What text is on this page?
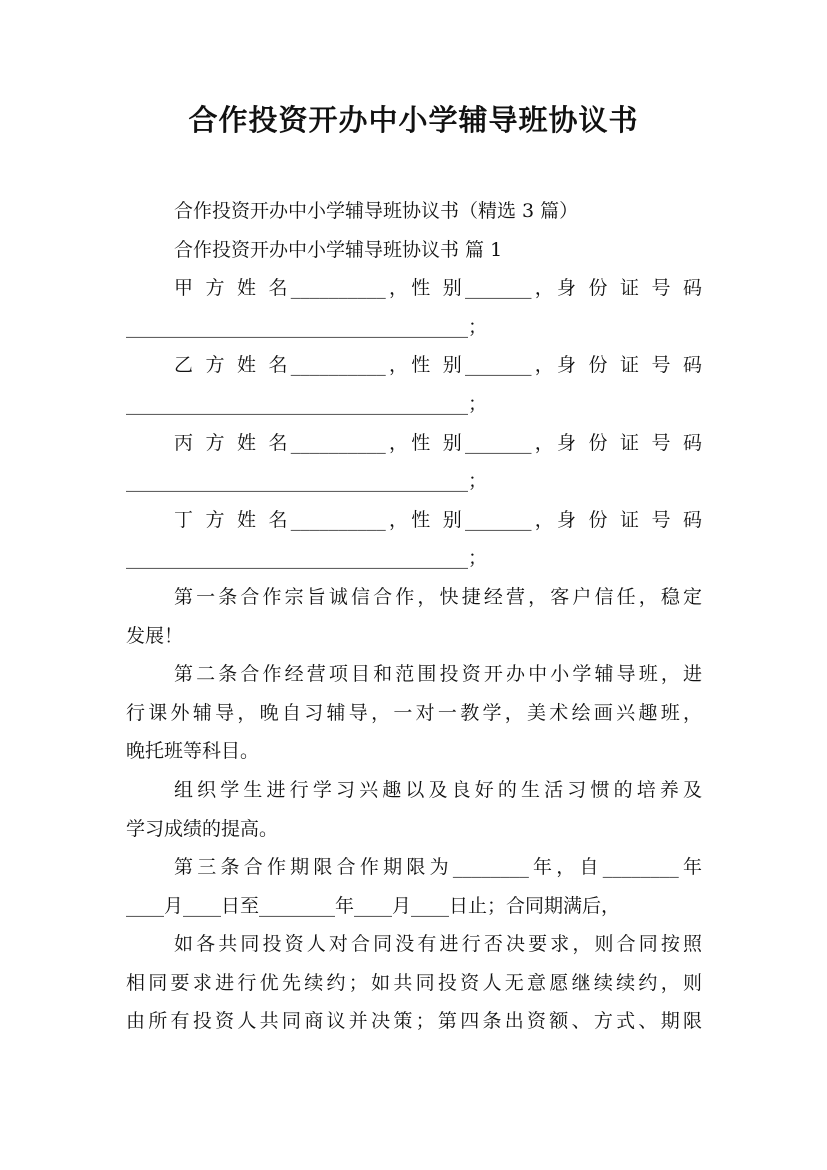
合作投资开办中小学辅导班协议书
合作投资开办中小学辅导班协议书（精选 3 篇）
合作投资开办中小学辅导班协议书 篇 1
甲 方 姓 名__________，性 别_______，身 份 证 号 码
____________________________________；
乙 方 姓 名__________，性 别_______，身 份 证 号 码
____________________________________；
丙 方 姓 名__________，性 别_______，身 份 证 号 码
____________________________________；
丁 方 姓 名__________，性 别_______，身 份 证 号 码
____________________________________；
第一条合作宗旨诚信合作，快捷经营，客户信任，稳定
发展！
第二条合作经营项目和范围投资开办中小学辅导班，进
行课外辅导，晚自习辅导，一对一教学，美术绘画兴趣班，
晚托班等科目。
组织学生进行学习兴趣以及良好的生活习惯的培养及
学习成绩的提高。
第三条合作期限合作期限为________年，自________年
____月____日至________年____月____日止；合同期满后，
如各共同投资人对合同没有进行否决要求，则合同按照
相同要求进行优先续约；如共同投资人无意愿继续续约，则
由所有投资人共同商议并决策；第四条出资额、方式、期限
